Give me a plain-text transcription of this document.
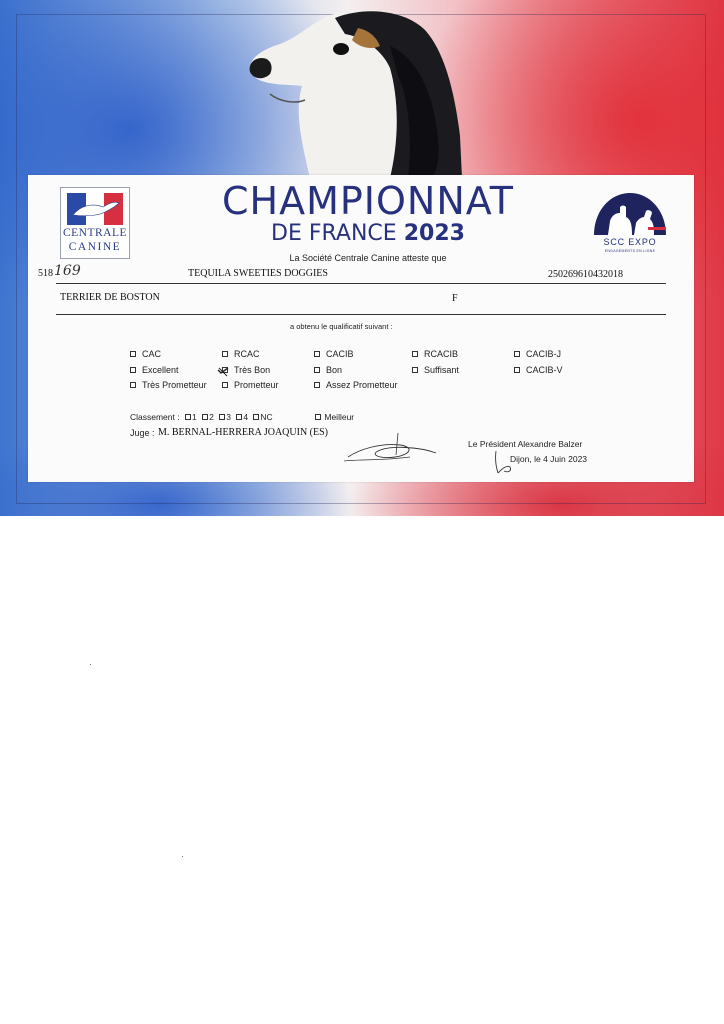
CENTRALE
CANINE
CHAMPIONNAT
DE FRANCE 2023
La Société Centrale Canine atteste que
SCC EXPO
ENGAGEMENTS EN LIGNE
518 169	TEQUILA SWEETIES DOGGIES	250269610432018
TERRIER DE BOSTON	F
a obtenu le qualificatif suivant :
CAC	RCAC	CACIB	RCACIB	CACIB-J
Excellent	Très Bon	Bon	Suffisant	CACIB-V
Très Prometteur	Prometteur	Assez Prometteur
Classement : 1 2 3 4 NC	Meilleur
Juge : M. BERNAL-HERRERA JOAQUIN (ES)
Le Président Alexandre Balzer
Dijon, le 4 Juin 2023
